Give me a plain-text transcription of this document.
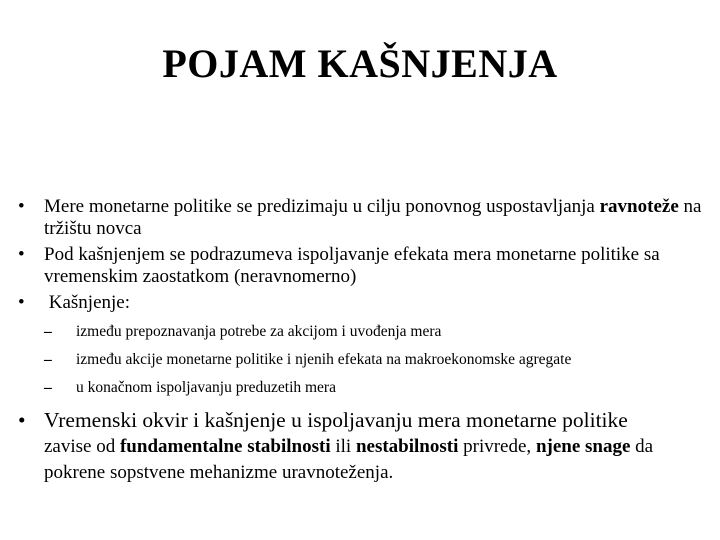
POJAM KAŠNJENJA
•	Mere monetarne politike se predizimaju u cilju ponovnog uspostavljanja ravnoteže na tržištu novca
•	Pod kašnjenjem se podrazumeva ispoljavanje efekata mera monetarne politike sa vremenskim zaostatkom (neravnomerno)
•	Kašnjenje:
– između prepoznavanja potrebe za akcijom i uvođenja mera
– između akcije monetarne politike i njenih efekata na makroekonomske agregate
– u konačnom ispoljavanju preduzetih mera
• Vremenski okvir i kašnjenje u ispoljavanju mera monetarne politike
zavise od fundamentalne stabilnosti ili nestabilnosti privrede, njene snage da pokrene sopstvene mehanizme uravnoteženja.
